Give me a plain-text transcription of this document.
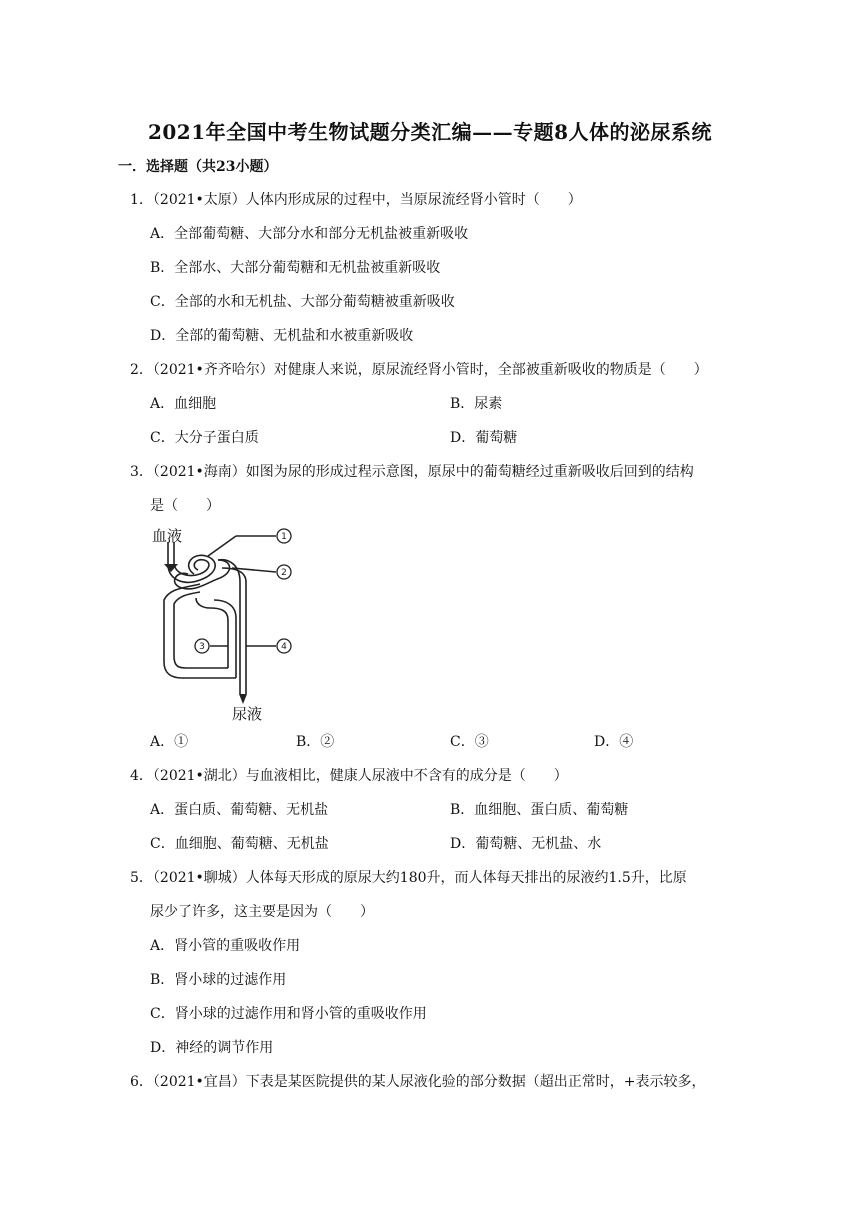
2021年全国中考生物试题分类汇编——专题8人体的泌尿系统
一．选择题（共23小题）
1．（2021•太原）人体内形成尿的过程中，当原尿流经肾小管时（　　）
A．全部葡萄糖、大部分水和部分无机盐被重新吸收
B．全部水、大部分葡萄糖和无机盐被重新吸收
C．全部的水和无机盐、大部分葡萄糖被重新吸收
D．全部的葡萄糖、无机盐和水被重新吸收
2．（2021•齐齐哈尔）对健康人来说，原尿流经肾小管时，全部被重新吸收的物质是（　　）
A．血细胞	B．尿素
C．大分子蛋白质	D．葡萄糖
3．（2021•海南）如图为尿的形成过程示意图，原尿中的葡萄糖经过重新吸收后回到的结构
是（　　）
1
2
3	4
血液
尿液
A．①	B．②	C．③	D．④
4．（2021•湖北）与血液相比，健康人尿液中不含有的成分是（　　）
A．蛋白质、葡萄糖、无机盐	B．血细胞、蛋白质、葡萄糖
C．血细胞、葡萄糖、无机盐	D．葡萄糖、无机盐、水
5．（2021•聊城）人体每天形成的原尿大约180升，而人体每天排出的尿液约1.5升，比原
尿少了许多，这主要是因为（　　）
A．肾小管的重吸收作用
B．肾小球的过滤作用
C．肾小球的过滤作用和肾小管的重吸收作用
D．神经的调节作用
6．（2021•宜昌）下表是某医院提供的某人尿液化验的部分数据（超出正常时，+表示较多，
